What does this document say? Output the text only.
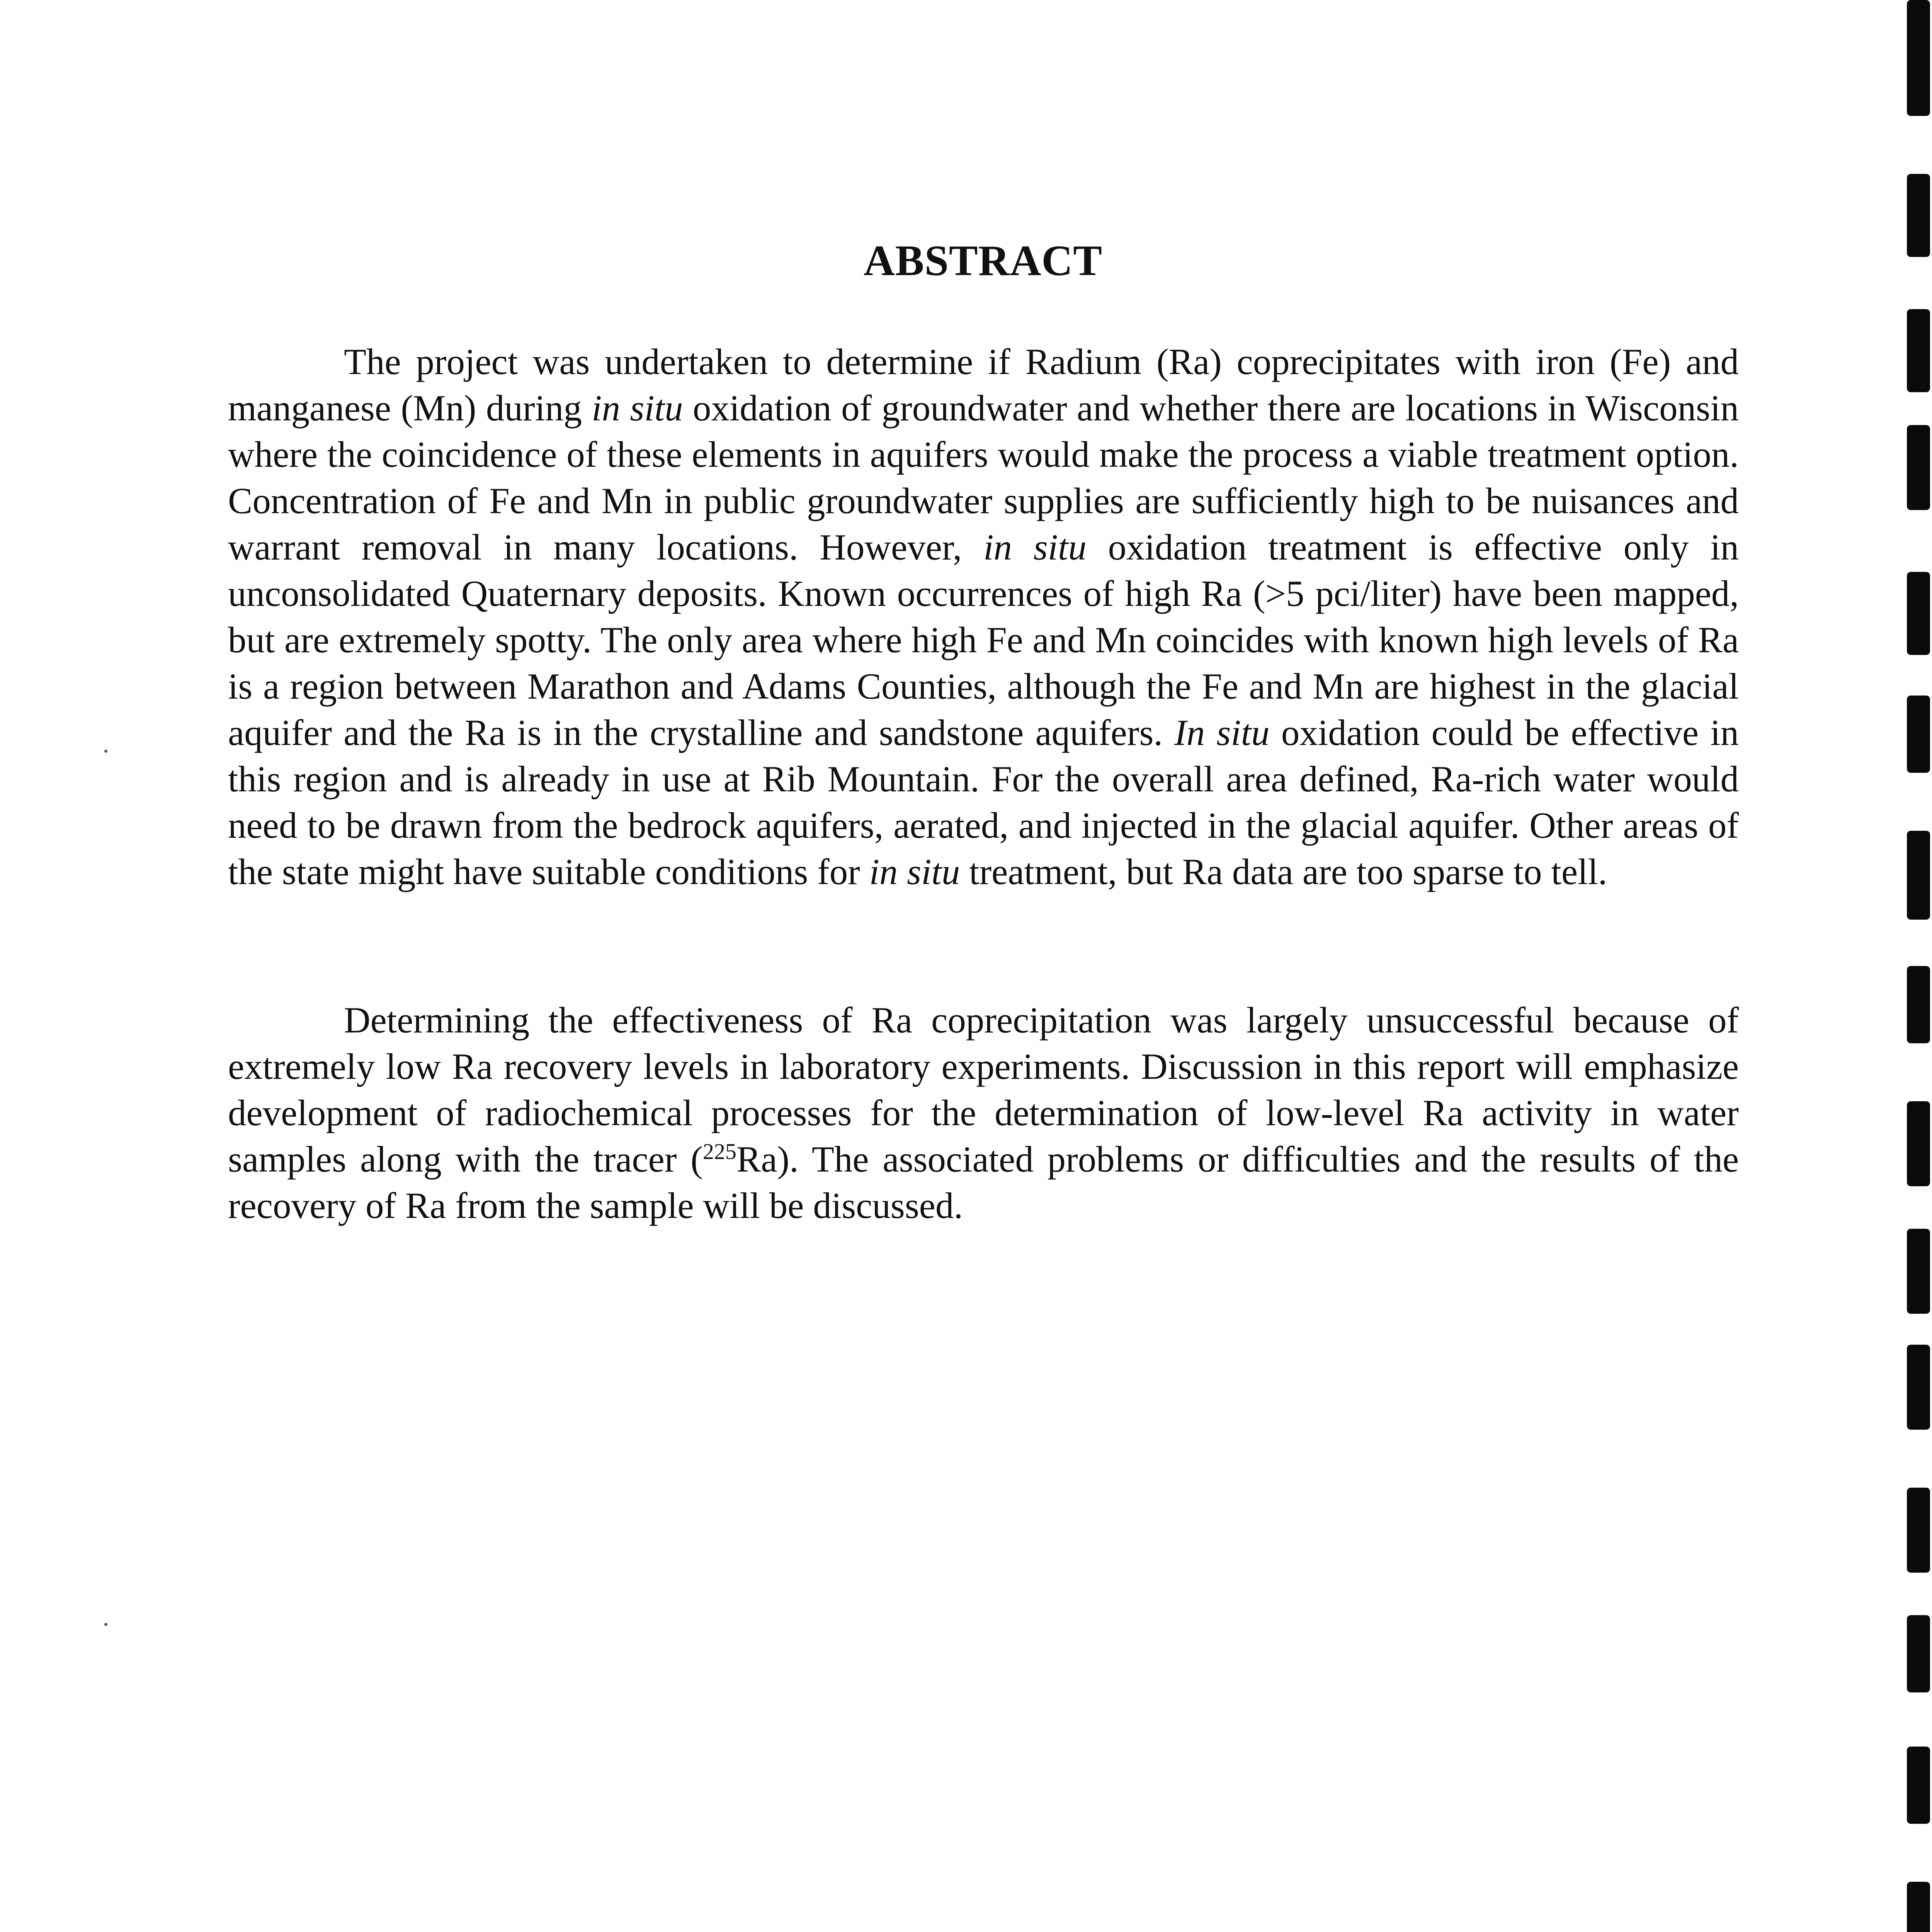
ABSTRACT

The project was undertaken to determine if Radium (Ra) coprecipitates with iron (Fe) and manganese (Mn) during in situ oxidation of groundwater and whether there are locations in Wisconsin where the coincidence of these elements in aquifers would make the process a viable treatment option. Concentration of Fe and Mn in public groundwater supplies are sufficiently high to be nuisances and warrant removal in many locations. However, in situ oxidation treatment is effective only in unconsolidated Quaternary deposits. Known occurrences of high Ra (>5 pci/liter) have been mapped, but are extremely spotty. The only area where high Fe and Mn coincides with known high levels of Ra is a region between Marathon and Adams Counties, although the Fe and Mn are highest in the glacial aquifer and the Ra is in the crystalline and sandstone aquifers. In situ oxidation could be effective in this region and is already in use at Rib Mountain. For the overall area defined, Ra-rich water would need to be drawn from the bedrock aquifers, aerated, and injected in the glacial aquifer. Other areas of the state might have suitable conditions for in situ treatment, but Ra data are too sparse to tell.

Determining the effectiveness of Ra coprecipitation was largely unsuccessful because of extremely low Ra recovery levels in laboratory experiments. Discussion in this report will emphasize development of radiochemical processes for the determination of low-level Ra activity in water samples along with the tracer ($^{225}$Ra). The associated problems or difficulties and the results of the recovery of Ra from the sample will be discussed.
